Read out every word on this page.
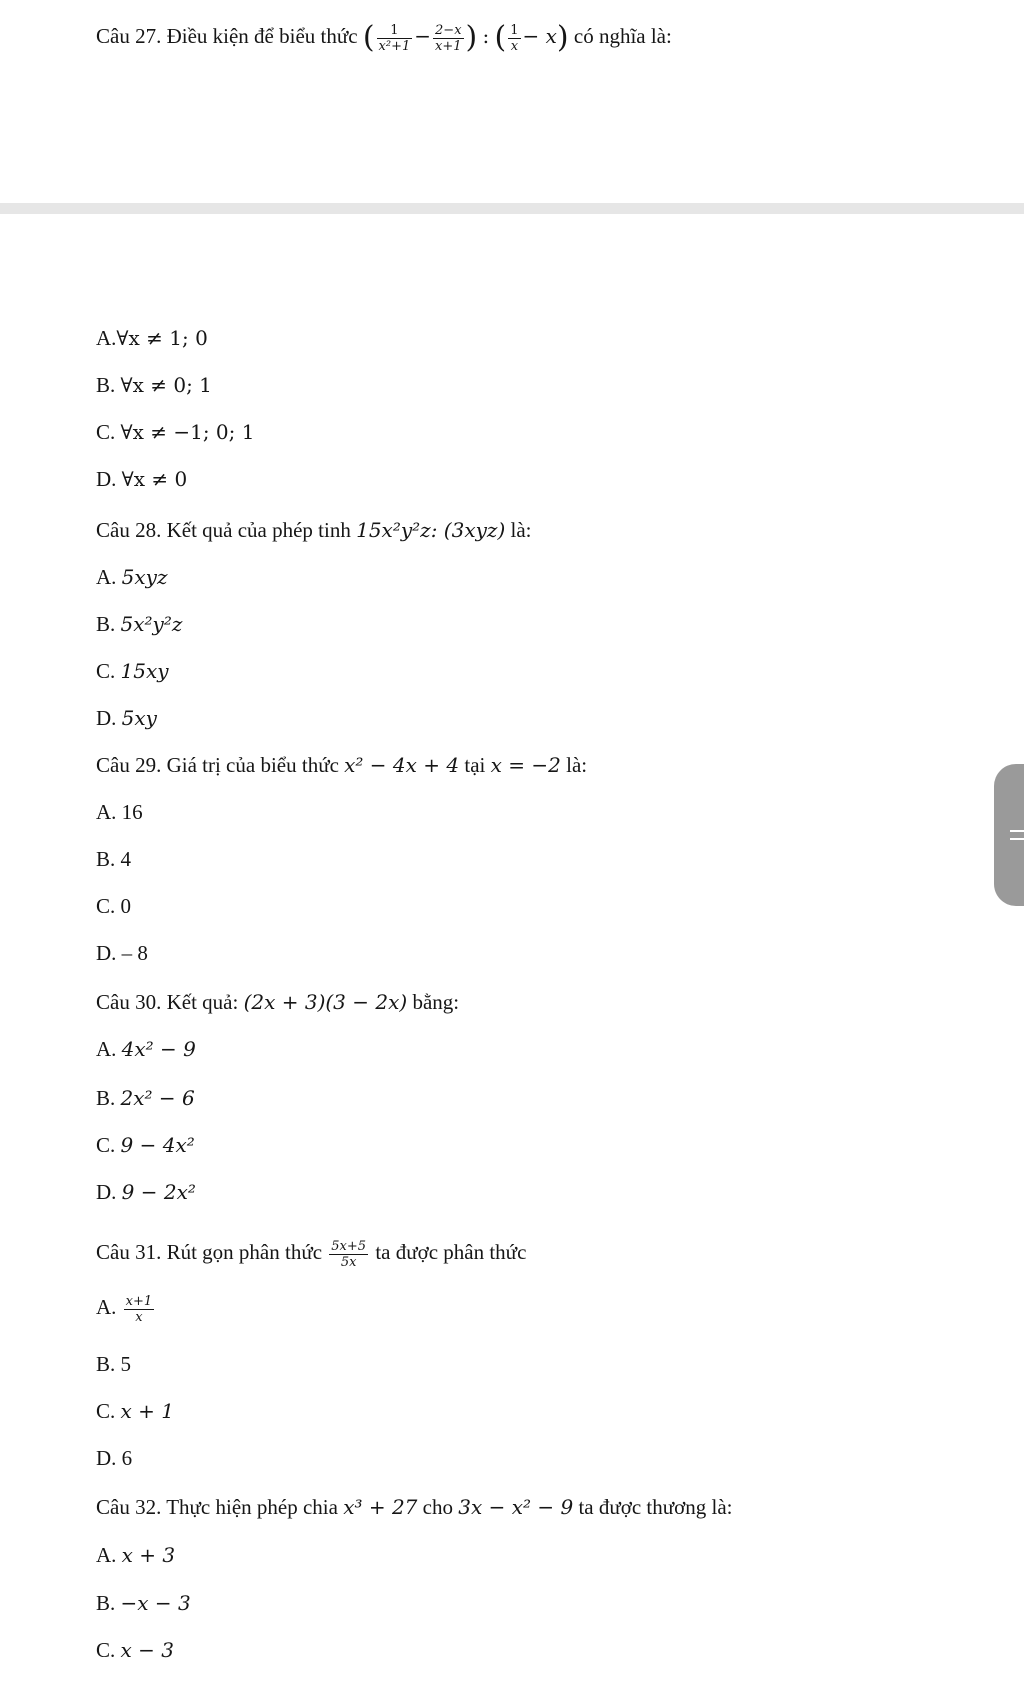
Câu 27. Điều kiện để biểu thức ( $\frac{1}{\text{x²+1}} - \frac{2-x}{x+1}$ ) : ( $\frac{1}{x} - x$) có nghĩa là:
A.∀x ≠ 1; 0
B. ∀x ≠ 0; 1
C. ∀x ≠ −1; 0; 1
D. ∀x ≠ 0
Câu 28. Kết quả của phép tinh 15x²y²z: (3xyz) là:
A. 5xyz
B. 5x²y²z
C. 15xy
D. 5xy
Câu 29. Giá trị của biểu thức x² − 4x + 4 tại x = −2 là:
A. 16
B. 4
C. 0
D. – 8
Câu 30. Kết quả: (2x + 3)(3 − 2x) bằng:
A. 4x² − 9
B. 2x² − 6
C. 9 − 4x²
D. 9 − 2x²
Câu 31. Rút gọn phân thức $\frac{5x+5}{5x}$ ta được phân thức
A. $\frac{x+1}{x}$
B. 5
C. x + 1
D. 6
Câu 32. Thực hiện phép chia x³ + 27 cho 3x − x² − 9 ta được thương là:
A. x + 3
B. −x − 3
C. x − 3
